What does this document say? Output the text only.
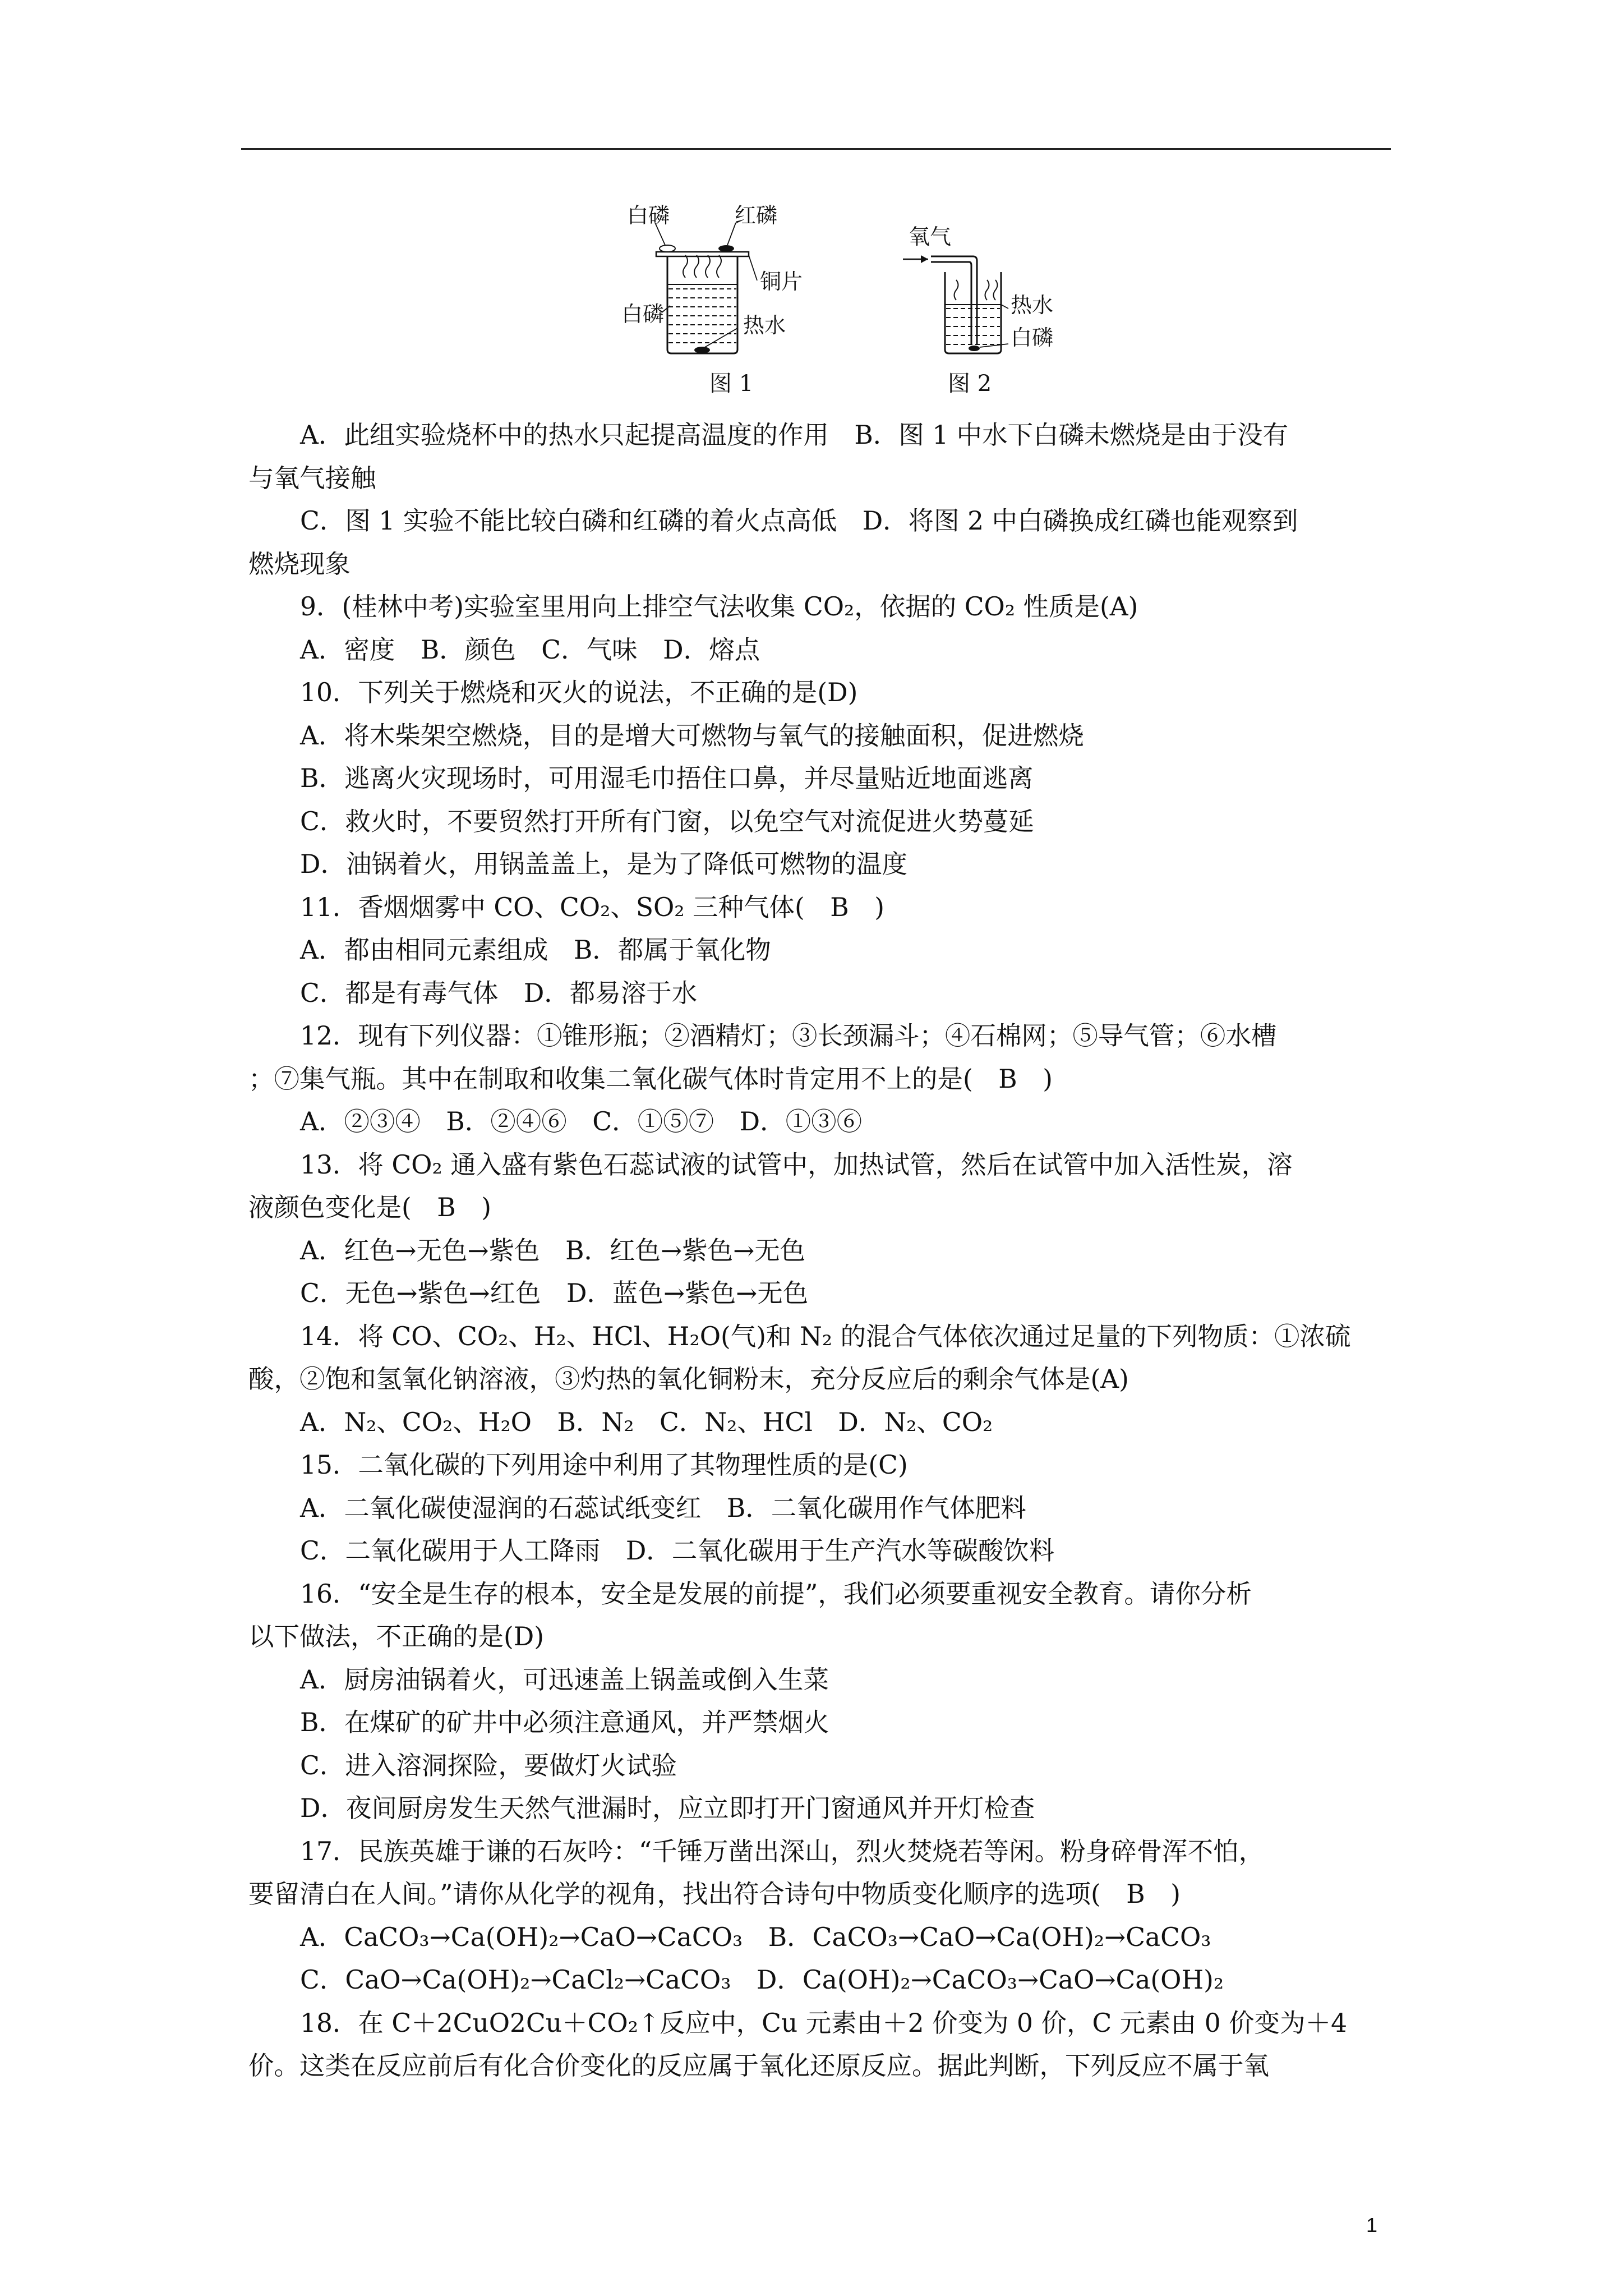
白磷	红磷
铜片
白磷	热水
图 1
氧气
热水
白磷
图 2

A．此组实验烧杯中的热水只起提高温度的作用　B．图 1 中水下白磷未燃烧是由于没有

与氧气接触

C．图 1 实验不能比较白磷和红磷的着火点高低　D．将图 2 中白磷换成红磷也能观察到

燃烧现象

9．(桂林中考)实验室里用向上排空气法收集 CO₂，依据的 CO₂ 性质是(A)

A．密度　B．颜色　C．气味　D．熔点

10．下列关于燃烧和灭火的说法，不正确的是(D)

A．将木柴架空燃烧，目的是增大可燃物与氧气的接触面积，促进燃烧

B．逃离火灾现场时，可用湿毛巾捂住口鼻，并尽量贴近地面逃离

C．救火时，不要贸然打开所有门窗，以免空气对流促进火势蔓延

D．油锅着火，用锅盖盖上，是为了降低可燃物的温度

11．香烟烟雾中 CO、CO₂、SO₂ 三种气体(　B　)

A．都由相同元素组成　B．都属于氧化物

C．都是有毒气体　D．都易溶于水

12．现有下列仪器：①锥形瓶；②酒精灯；③长颈漏斗；④石棉网；⑤导气管；⑥水槽

；⑦集气瓶。其中在制取和收集二氧化碳气体时肯定用不上的是(　B　)

A．②③④　B．②④⑥　C．①⑤⑦　D．①③⑥

13．将 CO₂ 通入盛有紫色石蕊试液的试管中，加热试管，然后在试管中加入活性炭，溶

液颜色变化是(　B　)

A．红色→无色→紫色　B．红色→紫色→无色

C．无色→紫色→红色　D．蓝色→紫色→无色

14．将 CO、CO₂、H₂、HCl、H₂O(气)和 N₂ 的混合气体依次通过足量的下列物质：①浓硫

酸，②饱和氢氧化钠溶液，③灼热的氧化铜粉末，充分反应后的剩余气体是(A)

A．N₂、CO₂、H₂O　B．N₂　C．N₂、HCl　D．N₂、CO₂

15．二氧化碳的下列用途中利用了其物理性质的是(C)

A．二氧化碳使湿润的石蕊试纸变红　B．二氧化碳用作气体肥料

C．二氧化碳用于人工降雨　D．二氧化碳用于生产汽水等碳酸饮料

16．“安全是生存的根本，安全是发展的前提”，我们必须要重视安全教育。请你分析

以下做法，不正确的是(D)

A．厨房油锅着火，可迅速盖上锅盖或倒入生菜

B．在煤矿的矿井中必须注意通风，并严禁烟火

C．进入溶洞探险，要做灯火试验

D．夜间厨房发生天然气泄漏时，应立即打开门窗通风并开灯检查

17．民族英雄于谦的石灰吟：“千锤万凿出深山，烈火焚烧若等闲。粉身碎骨浑不怕，

要留清白在人间。”请你从化学的视角，找出符合诗句中物质变化顺序的选项(　B　)

A．CaCO₃→Ca(OH)₂→CaO→CaCO₃　B．CaCO₃→CaO→Ca(OH)₂→CaCO₃

C．CaO→Ca(OH)₂→CaCl₂→CaCO₃　D．Ca(OH)₂→CaCO₃→CaO→Ca(OH)₂

18．在 C＋2CuO2Cu＋CO₂↑反应中，Cu 元素由＋2 价变为 0 价，C 元素由 0 价变为＋4

价。这类在反应前后有化合价变化的反应属于氧化还原反应。据此判断，下列反应不属于氧

1
